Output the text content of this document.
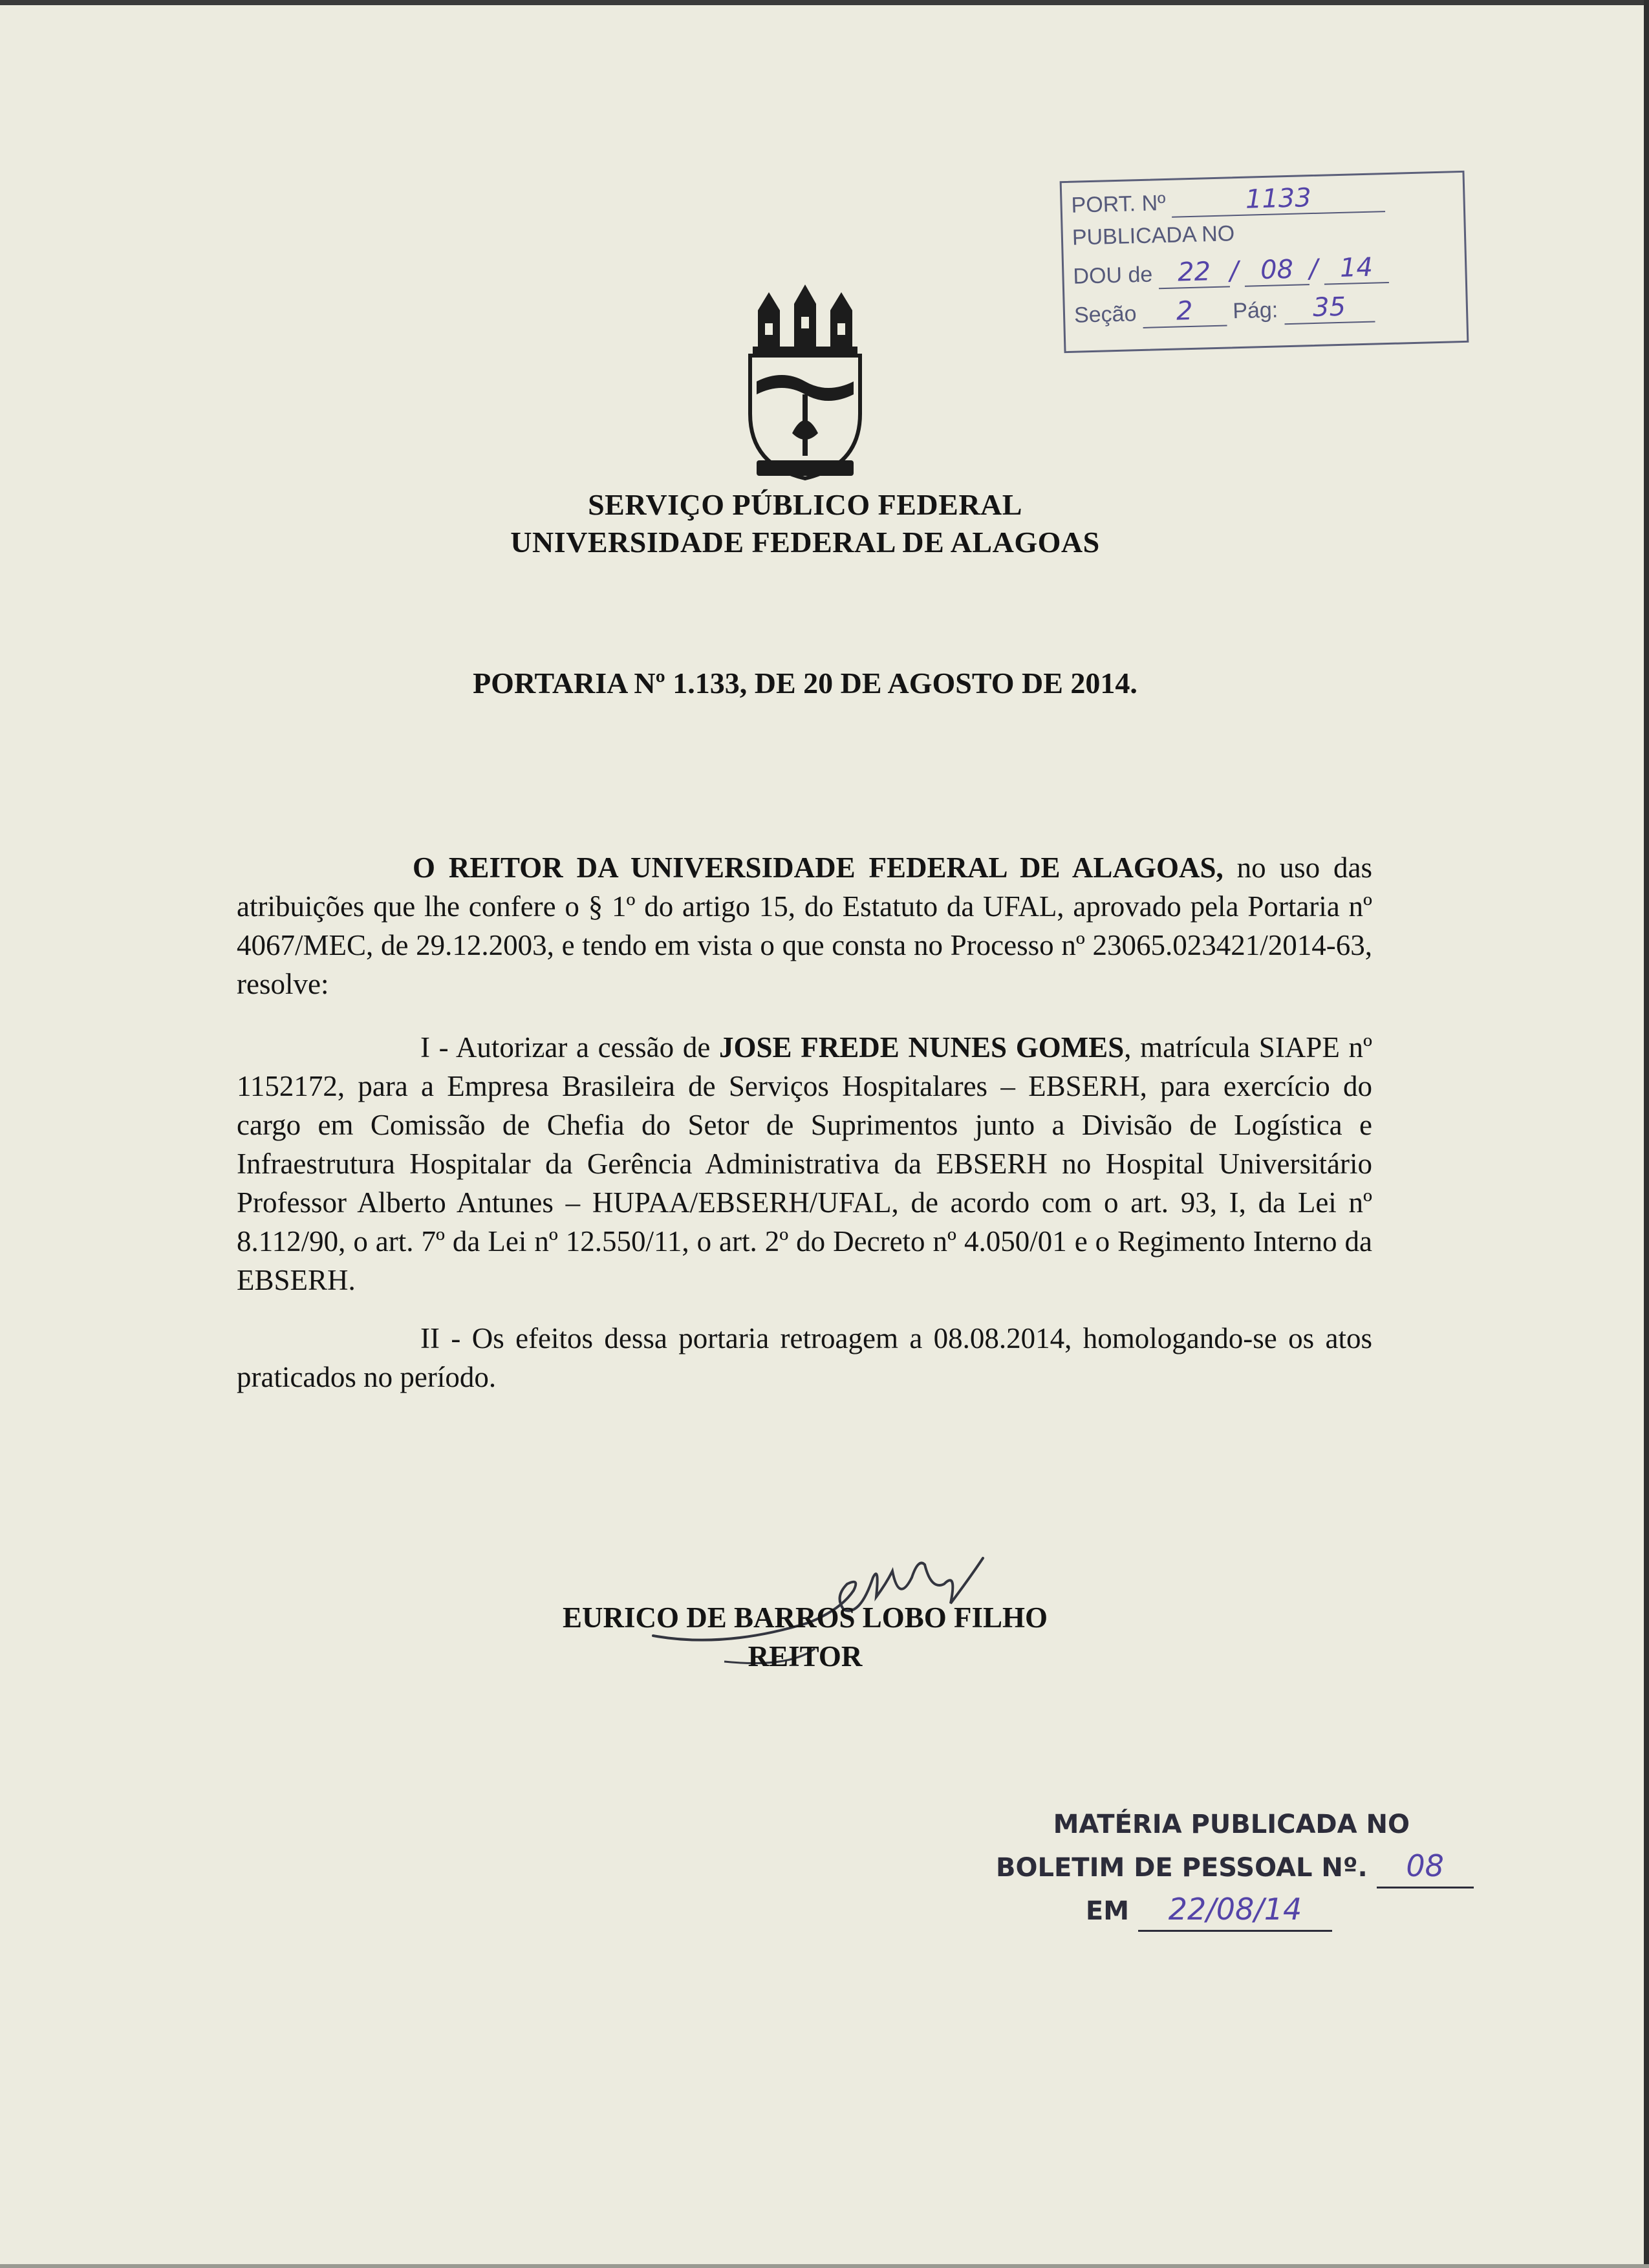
SERVIÇO PÚBLICO FEDERAL
UNIVERSIDADE FEDERAL DE ALAGOAS
PORTARIA Nº 1.133, DE 20 DE AGOSTO DE 2014.

O REITOR DA UNIVERSIDADE FEDERAL DE ALAGOAS, no uso das atribuições que lhe confere o § 1º do artigo 15, do Estatuto da UFAL, aprovado pela Portaria nº 4067/MEC, de 29.12.2003, e tendo em vista o que consta no Processo nº 23065.023421/2014-63, resolve:

I - Autorizar a cessão de JOSE FREDE NUNES GOMES, matrícula SIAPE nº 1152172, para a Empresa Brasileira de Serviços Hospitalares – EBSERH, para exercício do cargo em Comissão de Chefia do Setor de Suprimentos junto a Divisão de Logística e Infraestrutura Hospitalar da Gerência Administrativa da EBSERH no Hospital Universitário Professor Alberto Antunes – HUPAA/EBSERH/UFAL, de acordo com o art. 93, I, da Lei nº 8.112/90, o art. 7º da Lei nº 12.550/11, o art. 2º do Decreto nº 4.050/01 e o Regimento Interno da EBSERH.

II - Os efeitos dessa portaria retroagem a 08.08.2014, homologando-se os atos praticados no período.

EURICO DE BARROS LOBO FILHO
REITOR
PORT. Nº	1133
PUBLICADA NO
DOU de 22 / 08 / 14
Seção 2 Pág: 35
MATÉRIA PUBLICADA NO
BOLETIM DE PESSOAL Nº. 08
EM 22/08/14
